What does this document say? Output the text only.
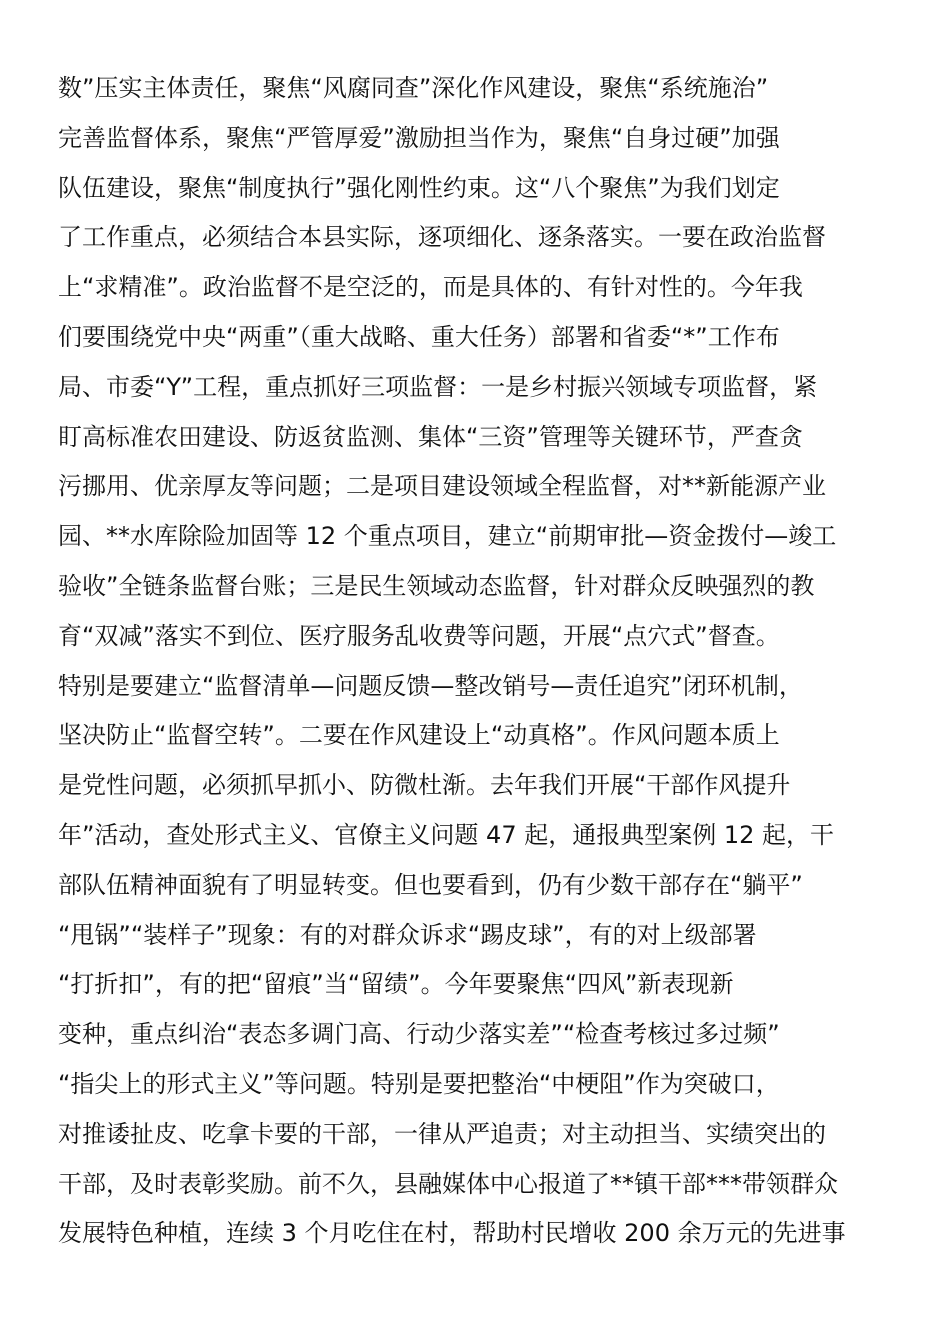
数”压实主体责任，聚焦“风腐同查”深化作风建设，聚焦“系统施治”
完善监督体系，聚焦“严管厚爱”激励担当作为，聚焦“自身过硬”加强
队伍建设，聚焦“制度执行”强化刚性约束。这“八个聚焦”为我们划定
了工作重点，必须结合本县实际，逐项细化、逐条落实。一要在政治监督
上“求精准”。政治监督不是空泛的，而是具体的、有针对性的。今年我
们要围绕党中央“两重”（重大战略、重大任务）部署和省委“*”工作布
局、市委“Y”工程，重点抓好三项监督：一是乡村振兴领域专项监督，紧
盯高标准农田建设、防返贫监测、集体“三资”管理等关键环节，严查贪
污挪用、优亲厚友等问题；二是项目建设领域全程监督，对**新能源产业
园、**水库除险加固等 12 个重点项目，建立“前期审批—资金拨付—竣工
验收”全链条监督台账；三是民生领域动态监督，针对群众反映强烈的教
育“双减”落实不到位、医疗服务乱收费等问题，开展“点穴式”督查。
特别是要建立“监督清单—问题反馈—整改销号—责任追究”闭环机制，
坚决防止“监督空转”。二要在作风建设上“动真格”。作风问题本质上
是党性问题，必须抓早抓小、防微杜渐。去年我们开展“干部作风提升
年”活动，查处形式主义、官僚主义问题 47 起，通报典型案例 12 起，干
部队伍精神面貌有了明显转变。但也要看到，仍有少数干部存在“躺平”
“甩锅”“装样子”现象：有的对群众诉求“踢皮球”，有的对上级部署
“打折扣”，有的把“留痕”当“留绩”。今年要聚焦“四风”新表现新
变种，重点纠治“表态多调门高、行动少落实差”“检查考核过多过频”
“指尖上的形式主义”等问题。特别是要把整治“中梗阻”作为突破口，
对推诿扯皮、吃拿卡要的干部，一律从严追责；对主动担当、实绩突出的
干部，及时表彰奖励。前不久，县融媒体中心报道了**镇干部***带领群众
发展特色种植，连续 3 个月吃住在村，帮助村民增收 200 余万元的先进事
